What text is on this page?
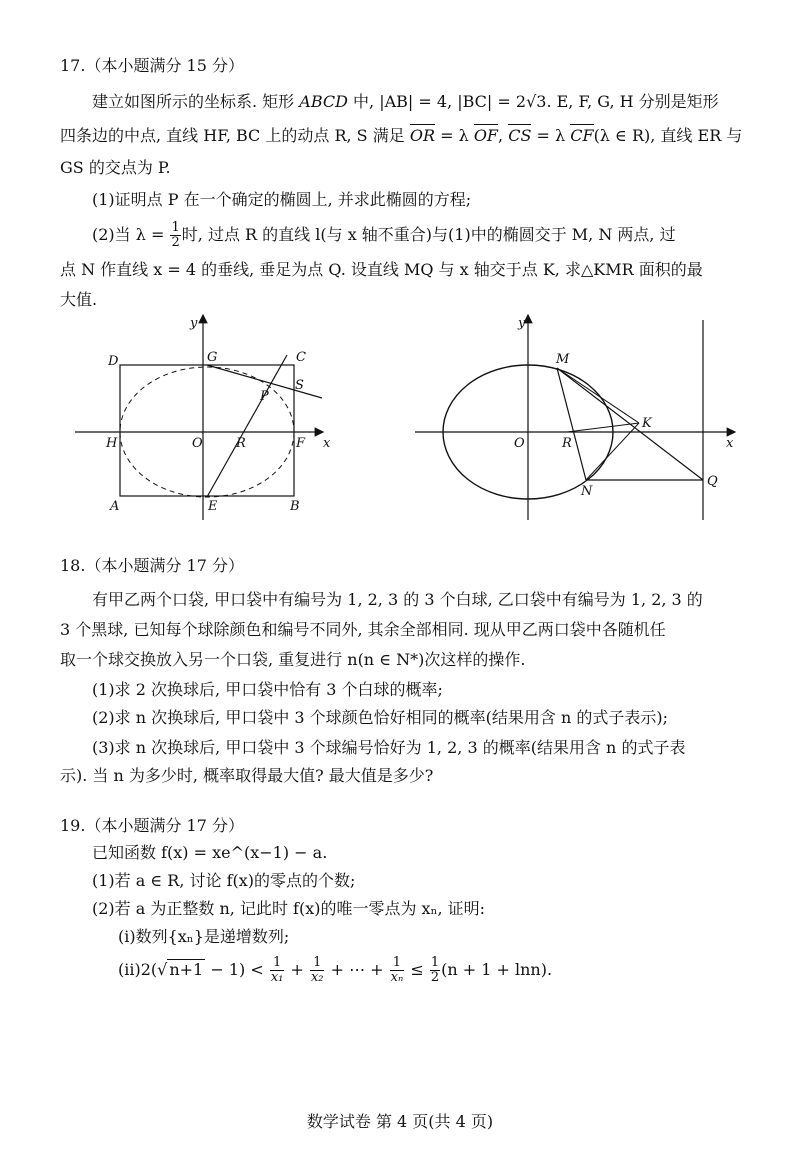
17.（本小题满分 15 分）
建立如图所示的坐标系. 矩形 ABCD 中, |AB| = 4, |BC| = 2√3. E, F, G, H 分别是矩形
四条边的中点, 直线 HF, BC 上的动点 R, S 满足 OR = λ OF, CS = λ CF(λ ∈ R), 直线 ER 与
GS 的交点为 P.
(1)证明点 P 在一个确定的椭圆上, 并求此椭圆的方程;
(2)当 $\lambda = \frac{1}{2}$ 时, 过点 R 的直线 l(与 x 轴不重合)与(1)中的椭圆交于 M, N 两点, 过
点 N 作直线 x = 4 的垂线, 垂足为点 Q. 设直线 MQ 与 x 轴交于点 K, 求△KMR 面积的最
大值.
D	G	C
S
P
H	O	R	F x
y
A	E	B
y
M
K
O	R	x
N
Q
18.（本小题满分 17 分）
有甲乙两个口袋, 甲口袋中有编号为 1, 2, 3 的 3 个白球, 乙口袋中有编号为 1, 2, 3 的
3 个黑球, 已知每个球除颜色和编号不同外, 其余全部相同. 现从甲乙两口袋中各随机任
取一个球交换放入另一个口袋, 重复进行 n(n ∈ N*)次这样的操作.
(1)求 2 次换球后, 甲口袋中恰有 3 个白球的概率;
(2)求 n 次换球后, 甲口袋中 3 个球颜色恰好相同的概率(结果用含 n 的式子表示);
(3)求 n 次换球后, 甲口袋中 3 个球编号恰好为 1, 2, 3 的概率(结果用含 n 的式子表
示). 当 n 为多少时, 概率取得最大值? 最大值是多少?
19.（本小题满分 17 分）
已知函数 f(x) = xe^(x−1) − a.
(1)若 a ∈ R, 讨论 f(x)的零点的个数;
(2)若 a 为正整数 n, 记此时 f(x)的唯一零点为 xₙ, 证明:
(ⅰ)数列{xₙ}是递增数列;
(ⅱ)2(√ $n+1 - 1) < \frac{1}{\text{x₁}} + \frac{1}{\text{x₂}}$ + ⋯ + $\frac{1}{\text{xₙ}} \le \frac{1}{2} (n + 1 + \ln n)$.
数学试卷 第 4 页(共 4 页)
